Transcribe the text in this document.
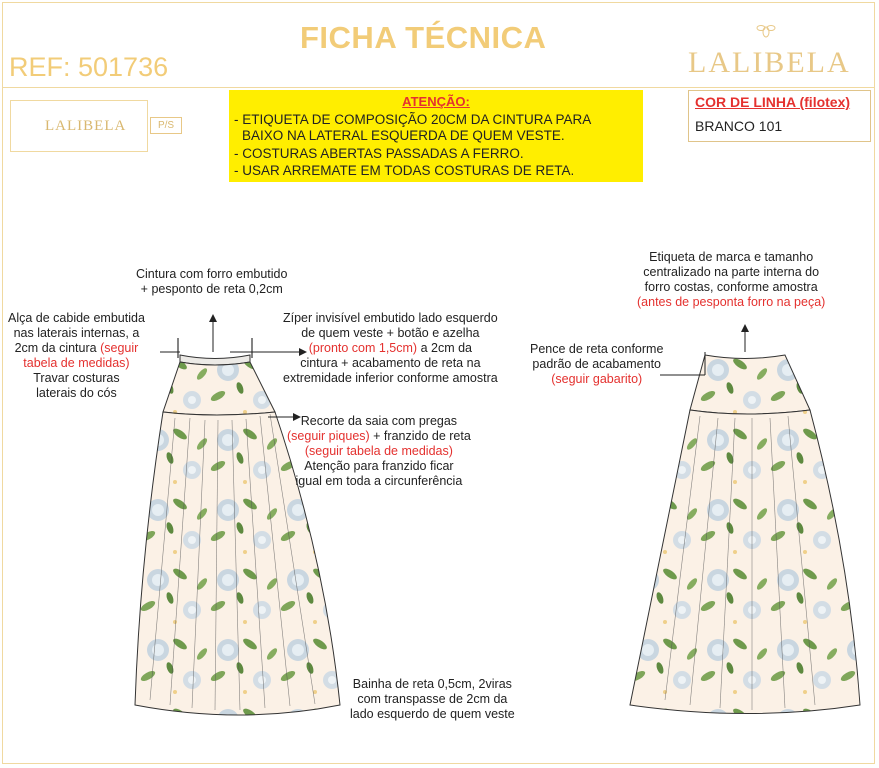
FICHA TÉCNICA
REF: 501736	LALIBELA
LALIBELA	P/S
ATENÇÃO:
- ETIQUETA DE COMPOSIÇÃO 20CM DA CINTURA PARA
BAIXO NA LATERAL ESQUERDA DE QUEM VESTE.
- COSTURAS ABERTAS PASSADAS A FERRO.
- USAR ARREMATE EM TODAS COSTURAS DE RETA.
COR DE LINHA (filotex)
BRANCO 101
Cintura com forro embutido
+ pesponto de reta 0,2cm
Alça de cabide embutida
nas laterais internas, a
2cm da cintura (seguir
tabela de medidas)
Travar costuras
laterais do cós
Zíper invisível embutido lado esquerdo
de quem veste + botão e azelha
(pronto com 1,5cm) a 2cm da
cintura + acabamento de reta na
extremidade inferior conforme amostra
Recorte da saia com pregas
(seguir piques) + franzido de reta
(seguir tabela de medidas)
Atenção para franzido ficar
igual em toda a circunferência
Bainha de reta 0,5cm, 2viras
com transpasse de 2cm da
lado esquerdo de quem veste
Etiqueta de marca e tamanho
centralizado na parte interna do
forro costas, conforme amostra
(antes de pesponta forro na peça)
Pence de reta conforme
padrão de acabamento
(seguir gabarito)
